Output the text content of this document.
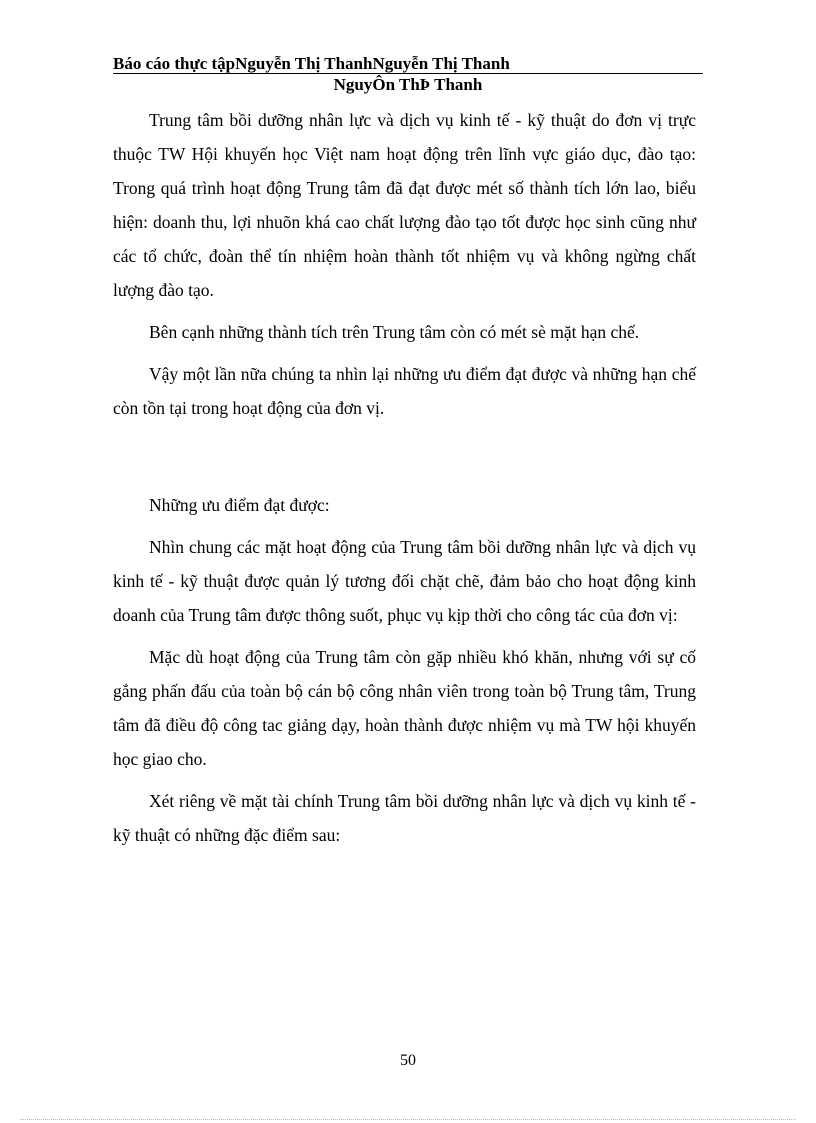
Báo cáo thực tậpNguyễn Thị ThanhNguyễn Thị Thanh
NguyÔn ThÞ Thanh

Trung tâm bồi dưỡng nhân lực và dịch vụ kinh tế - kỹ thuật do đơn vị trực thuộc TW Hội khuyến học Việt nam hoạt động trên lĩnh vực giáo dục, đào tạo: Trong quá trình hoạt động Trung tâm đã đạt được mét số thành tích lớn lao, biểu hiện: doanh thu, lợi nhuõn khá cao chất lượng đào tạo tốt được học sinh cũng như các tổ chức, đoàn thể tín nhiệm hoàn thành tốt nhiệm vụ và không ngừng chất lượng đào tạo.

Bên cạnh những thành tích trên Trung tâm còn có mét sè mặt hạn chế.

Vậy một lần nữa chúng ta nhìn lại những ưu điểm đạt được và những hạn chế còn tồn tại trong hoạt động của đơn vị.

Những ưu điểm đạt được:

Nhìn chung các mặt hoạt động của Trung tâm bồi dưỡng nhân lực và dịch vụ kinh tế - kỹ thuật được quản lý tương đối chặt chẽ, đảm bảo cho hoạt động kinh doanh của Trung tâm được thông suốt, phục vụ kịp thời cho công tác của đơn vị:

Mặc dù hoạt động của Trung tâm còn gặp nhiều khó khăn, nhưng với sự cố gắng phấn đấu của toàn bộ cán bộ công nhân viên trong toàn bộ Trung tâm, Trung tâm đã điều độ công tac giảng dạy, hoàn thành được nhiệm vụ mà TW hội khuyến học giao cho.

Xét riêng về mặt tài chính Trung tâm bồi dưỡng nhân lực và dịch vụ kinh tế - kỹ thuật có những đặc điểm sau:

50
